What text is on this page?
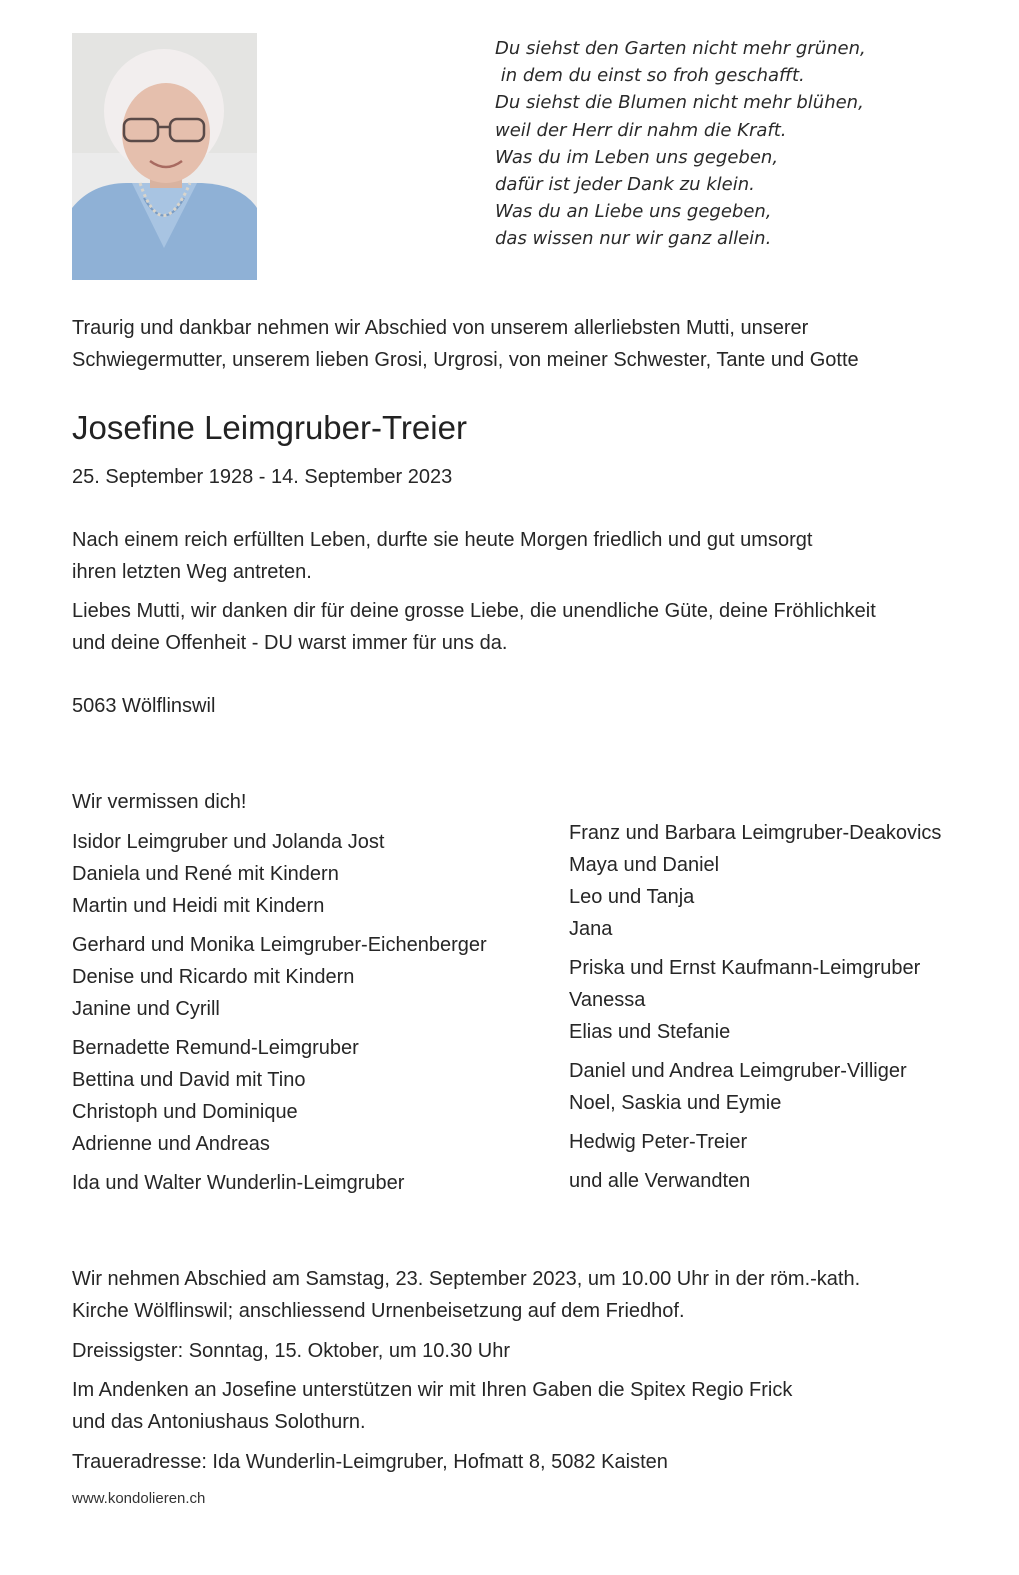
Du siehst den Garten nicht mehr grünen,
in dem du einst so froh geschafft.
Du siehst die Blumen nicht mehr blühen,
weil der Herr dir nahm die Kraft.
Was du im Leben uns gegeben,
dafür ist jeder Dank zu klein.
Was du an Liebe uns gegeben,
das wissen nur wir ganz allein.
Traurig und dankbar nehmen wir Abschied von unserem allerliebsten Mutti, unserer
Schwiegermutter, unserem lieben Grosi, Urgrosi, von meiner Schwester, Tante und Gotte
Josefine Leimgruber-Treier
25. September 1928 - 14. September 2023
Nach einem reich erfüllten Leben, durfte sie heute Morgen friedlich und gut umsorgt
ihren letzten Weg antreten.
Liebes Mutti, wir danken dir für deine grosse Liebe, die unendliche Güte, deine Fröhlichkeit
und deine Offenheit - DU warst immer für uns da.
5063 Wölflinswil
Wir vermissen dich!
Isidor Leimgruber und Jolanda Jost
Daniela und René mit Kindern
Martin und Heidi mit Kindern
Gerhard und Monika Leimgruber-Eichenberger
Denise und Ricardo mit Kindern
Janine und Cyrill
Bernadette Remund-Leimgruber
Bettina und David mit Tino
Christoph und Dominique
Adrienne und Andreas
Ida und Walter Wunderlin-Leimgruber
Franz und Barbara Leimgruber-Deakovics
Maya und Daniel
Leo und Tanja
Jana
Priska und Ernst Kaufmann-Leimgruber
Vanessa
Elias und Stefanie
Daniel und Andrea Leimgruber-Villiger
Noel, Saskia und Eymie
Hedwig Peter-Treier
und alle Verwandten
Wir nehmen Abschied am Samstag, 23. September 2023, um 10.00 Uhr in der röm.-kath.
Kirche Wölflinswil; anschliessend Urnenbeisetzung auf dem Friedhof.
Dreissigster: Sonntag, 15. Oktober, um 10.30 Uhr
Im Andenken an Josefine unterstützen wir mit Ihren Gaben die Spitex Regio Frick
und das Antoniushaus Solothurn.
Traueradresse: Ida Wunderlin-Leimgruber, Hofmatt 8, 5082 Kaisten
www.kondolieren.ch
